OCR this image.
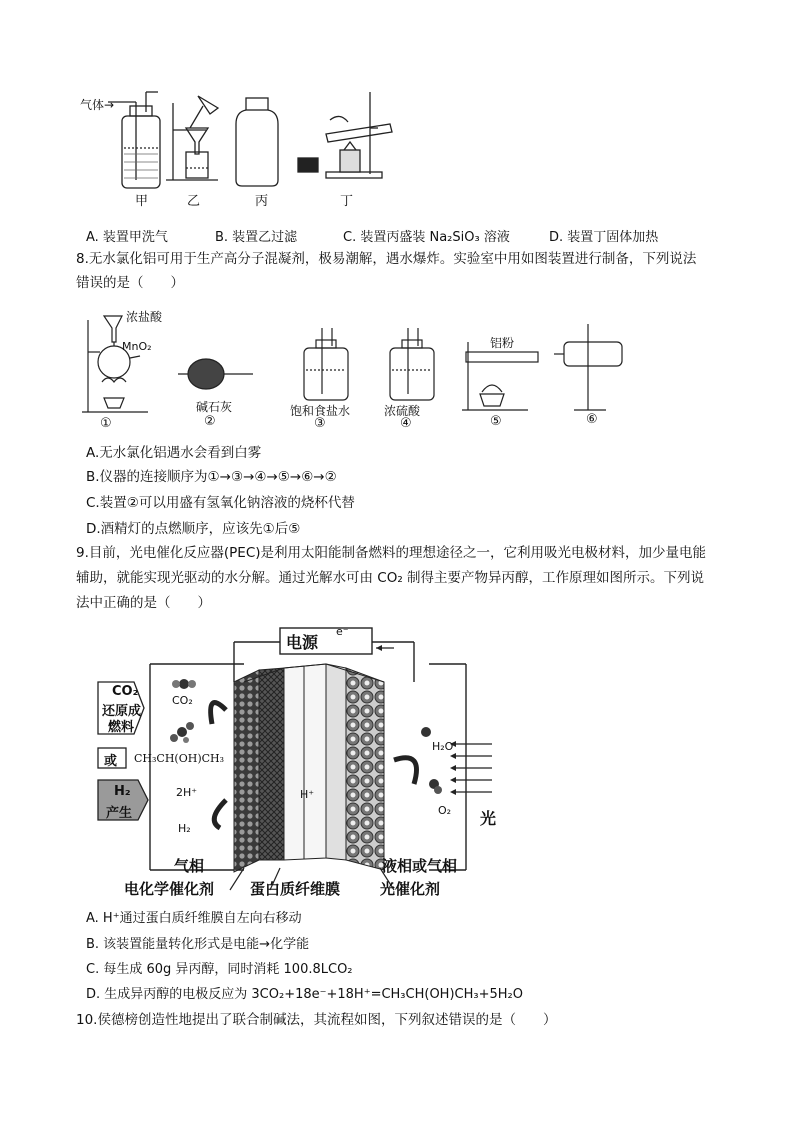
气体→
甲	乙	丙	丁
A. 装置甲洗气	B. 装置乙过滤	C. 装置丙盛装 Na₂SiO₃ 溶液	D. 装置丁固体加热
8.无水氯化铝可用于生产高分子混凝剂，极易潮解，遇水爆炸。实验室中用如图装置进行制备，下列说法
错误的是（　　）
浓盐酸
MnO₂
碱石灰	饱和食盐水	浓硫酸
铝粉
①	②	③	④	⑤	⑥
A.无水氯化铝遇水会看到白雾
B.仪器的连接顺序为①→③→④→⑤→⑥→②
C.装置②可以用盛有氢氧化钠溶液的烧杯代替
D.酒精灯的点燃顺序，应该先①后⑤
9.目前，光电催化反应器(PEC)是利用太阳能制备燃料的理想途径之一，它利用吸光电极材料，加少量电能
辅助，就能实现光驱动的水分解。通过光解水可由 CO₂ 制得主要产物异丙醇，工作原理如图所示。下列说
法中正确的是（　　）
电源
e⁻
CO₂
还原成
燃料
或
H₂
产生
CO₂
CH₃CH(OH)CH₃
2H⁺
H₂
H⁺
H₂O
O₂ 光
气相	液相或气相
电化学催化剂 蛋白质纤维膜	光催化剂
A. H⁺通过蛋白质纤维膜自左向右移动
B. 该装置能量转化形式是电能→化学能
C. 每生成 60g 异丙醇，同时消耗 100.8LCO₂
D. 生成异丙醇的电极反应为 3CO₂+18e⁻+18H⁺=CH₃CH(OH)CH₃+5H₂O
10.侯德榜创造性地提出了联合制碱法，其流程如图，下列叙述错误的是（　　）
